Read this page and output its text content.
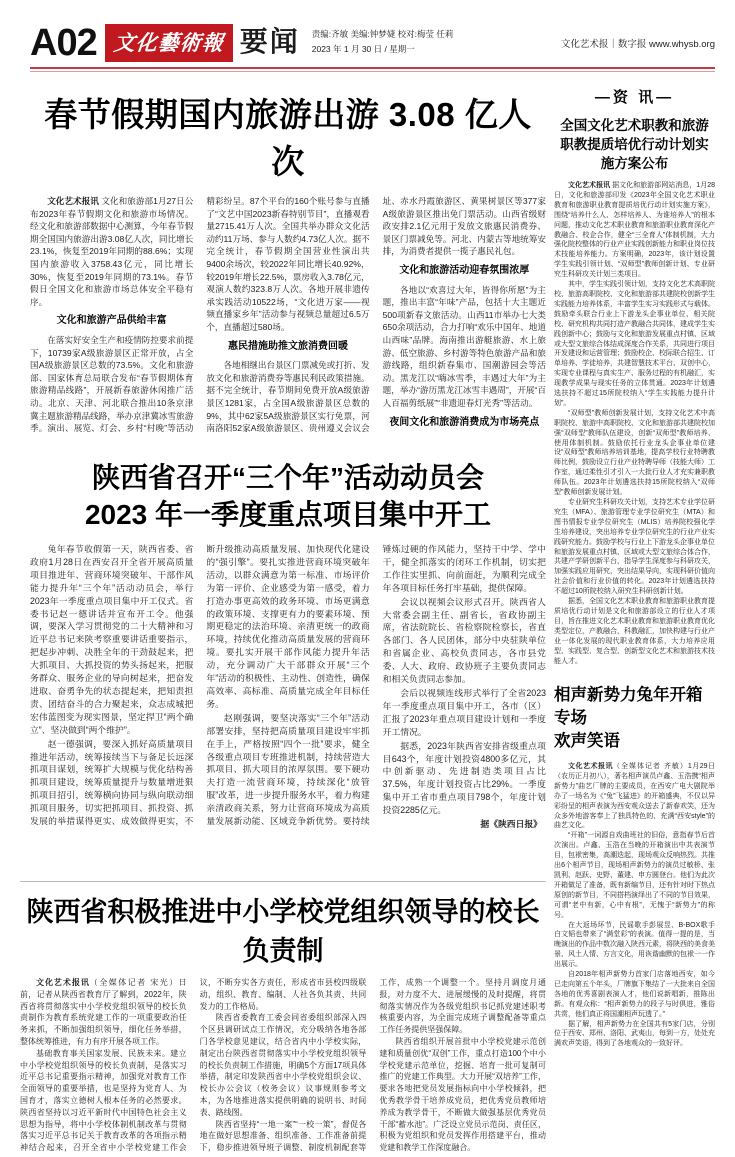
A02 文化藝術報 要闻 责编:齐敏 美编:钟梦婕 校对:梅莹 任莉
2023 年 1 月 30 日 / 星期一	文化艺术报｜数字报 www.whysb.org
春节假期国内旅游出游 3.08 亿人次

文化艺术报讯 文化和旅游部1月27日公布2023年春节假期文化和旅游市场情况。经文化和旅游部数据中心测算，今年春节假期全国国内旅游出游3.08亿人次，同比增长23.1%，恢复至2019年同期的88.6%；实现国内旅游收入3758.43亿元，同比增长30%，恢复至2019年同期的73.1%。春节假日全国文化和旅游市场总体安全平稳有序。

文化和旅游产品供给丰富

在落实好安全生产和疫情防控要求前提下，10739家A级旅游景区正常开放，占全国A级旅游景区总数的73.5%。文化和旅游部、国家体育总局联合发布“春节假期体育旅游精品线路”，开展新春旅游休闲推广活动。北京、天津、河北联合推出10条京津冀主题旅游精品线路，举办京津冀冰雪旅游季。演出、展览、灯会、乡村“村晚”等活动精彩纷呈。87个平台的160个账号参与直播了“文艺中国2023新春特别节目”，直播观看量2715.41万人次。全国共举办群众文化活动约11万场、参与人数约4.73亿人次。据不完全统计，春节假期全国营业性演出共9400余场次，较2022年同比增长40.92%，较2019年增长22.5%，票房收入3.78亿元，观演人数约323.8万人次。各地开展非遗传承实践活动10522场，“文化进万家——视频直播家乡年”活动参与视频总量超过6.5万个，直播超过580场。

惠民措施助推文旅消费回暖

各地相继出台景区门票减免或打折、发放文化和旅游消费券等惠民利民政策措施。据不完全统计，春节期间免费开放A级旅游景区1281家，占全国A级旅游景区总数的9%，其中62家5A级旅游景区实行免票，河南洛阳52家A级旅游景区、贵州遵义会议会址、赤水丹霞旅游区、黄果树景区等377家A级旅游景区推出免门票活动。山西省级财政安排2.1亿元用于发放文旅惠民消费券、景区门票减免等。河北、内蒙古等地统筹安排，为消费者提供一揽子惠民礼包。

文化和旅游活动迎春氛围浓厚

各地以“欢喜过大年，皆得你所愿”为主题，推出丰富“年味”产品，包括十大主题近500项新春文旅活动。山西11市举办七大类650余项活动，合力打响“欢乐中国年、地道山西味”品牌。海南推出游艇旅游、水上旅游、低空旅游、乡村游等特色旅游产品和旅游线路，组织新春集市、国潮游园会等活动。黑龙江以“嗨冰雪季，丰遇过大年”为主题，举办“游历黑龙江冰雪丰遇周”，开展“百人百福剪纸展”“非遗迎春灯光秀”等活动。

夜间文化和旅游消费成为市场亮点

陕西省召开“三个年”活动动员会
2023 年一季度重点项目集中开工

兔年春节收假第一天，陕西省委、省政府1月28日在西安召开全省开展高质量项目推进年、营商环境突破年、干部作风能力提升年“三个年”活动动员会，举行2023年一季度重点项目集中开工仪式。省委书记赵一德讲话并宣布开工令。他强调，要深入学习贯彻党的二十大精神和习近平总书记来陕考察重要讲话重要指示，把起步冲刺、决胜全年的干劲鼓起来，把大抓项目、大抓投资的势头扬起来，把服务群众、服务企业的导向树起来，把奋发进取、奋勇争先的状态提起来，把知责担责、团结奋斗的合力聚起来，众志成城把宏伟蓝图变为现实图景，坚定捍卫“两个确立”、坚决做到“两个维护”。

赵一德强调，要深入抓好高质量项目推进年活动，统筹接续当下与备足长远深抓项目谋划，统筹扩大规模与优化结构善抓项目建设，统筹质量提升与数量增进狠抓项目招引，统筹横向协同与纵向联动细抓项目服务，切实把抓项目、抓投资、抓发展的举措谋得更实、成效做得更实，不断升级推动高质量发展、加快现代化建设的“强引擎”。要扎实推进营商环境突破年活动，以群众满意为第一标准、市场评价为第一评价、企业感受为第一感受，着力打造办事更高效的政务环境、市场更满意的政策环境、支撑更有力的要素环境、预期更稳定的法治环境、亲清更统一的政商环境，持续优化推动高质量发展的营商环境。要扎实开展干部作风能力提升年活动，充分调动广大干部群众开展“三个年”活动的积极性、主动性、创造性，确保高效率、高标准、高质量完成全年目标任务。

赵刚强调，要坚决落实“三个年”活动部署安排，坚持把高质量项目建设牢牢抓在手上，严格按照“四个一批”要求，健全各级重点项目专班推进机制，持续营造大抓项目、抓大项目的浓厚氛围。要下硬功夫打造一流营商环境，持续深化“放管服”改革，进一步提升服务水平，着力构建亲清政商关系，努力让营商环境成为高质量发展新动能、区域竞争新优势。要持续锤炼过硬的作风能力，坚持干中学、学中干，健全抓落实的闭环工作机制，切实把工作往实里抓、向前面赶，为顺利完成全年各项目标任务打牢基础，提供保障。

会议以视频会议形式召开。陕西省人大常委会副主任、副省长，省政协副主席，省法院院长、省检察院检察长，省直各部门、各人民团体，部分中央驻陕单位和省属企业、高校负责同志，各市县党委、人大、政府、政协班子主要负责同志和相关负责同志参加。

会后以视频连线形式举行了全省2023年一季度重点项目集中开工，各市（区）汇报了2023年重点项目建设计划和一季度开工情况。

据悉，2023年陕西省安排省级重点项目643个，年度计划投资4800多亿元，其中创新驱动、先进制造类项目占比37.5%，年度计划投资占比29%。一季度集中开工省市重点项目798个，年度计划投资2285亿元。

据《陕西日报》

陕西省积极推进中小学校党组织领导的校长负责制

文化艺术报讯（全媒体记者 宋光）日前，记者从陕西省教育厅了解到，2022年，陕西省将贯彻落实中小学校党组织领导的校长负责制作为教育系统党建工作的一项重要政治任务来抓，不断加强组织领导，细化任务举措，整体统筹推进，有力有序开展各项工作。

基础教育事关国家发展、民族未来。建立中小学校党组织领导的校长负责制，是落实习近平总书记重要指示精神，加强党对教育工作全面领导的重要举措，也是坚持为党育人、为国育才，落实立德树人根本任务的必然要求。陕西省坚持以习近平新时代中国特色社会主义思想为指导，将中小学校体制机制改革与贯彻落实习近平总书记关于教育改革的各项指示精神结合起来，召开全省中小学校党建工作会议，不断夯实各方责任，形成省市县校四级联动，组织、教育、编制、人社各负其责、共同发力的工作格局。

陕西省委教育工委会同省委组织部深入四个区县调研试点工作情况，充分吸纳各地各部门各学校意见建议，结合省内中小学校实际，制定出台陕西省贯彻落实中小学校党组织领导的校长负责制工作措施，明确5个方面17项具体举措，制定印发陕西省中小学校党组织会议、校长办公会议（校务会议）议事规则参考文本，为各地推进落实提供明确的说明书、时间表、路线图。

陕西省坚持“一地一案”“一校一策”，督促各地在做好思想准备、组织准备、工作准备前提下，稳步推进领导班子调整、制度机制配套等工作，成熟一个调整一个。坚持月调度月通报，对力度不大、进展缓慢的及时提醒，将贯彻落实情况作为各级党组织书记抓党建述职考核重要内容，为全面完成班子调整配备等重点工作任务提供坚强保障。

陕西省组织开展首批中小学校党建示范创建和质量创优“双创”工作，重点打造100个中小学校党建示范单位，挖掘、培育一批可复制可推广的党建工作典型。大力开展“双培养”工作，要求各地把党员发展指标向中小学校倾斜，把优秀教学骨干培养成党员，把优秀党员教师培养成为教学骨干，不断做大做强基层优秀党员干部“蓄水池”。广泛设立党员示范岗、责任区，积极为党组织和党员发挥作用搭建平台，推动党建和教学工作深度融合。

—资 讯—
全国文化艺术职教和旅游职教提质培优行动计划实施方案公布

文化艺术报讯 据文化和旅游部网站消息，1月28日，文化和旅游部印发《2023年全国文化艺术职业教育和旅游职业教育提质培优行动计划实施方案》，围绕“培养什么人、怎样培养人、为谁培养人”的根本问题，推动文化艺术职业教育和旅游职业教育深化产教融合、校企合作，健全“三全育人”体制机制，大力强化院校整体的行业产业实践创新能力和职业岗位技术技能培养能力。方案明确，2023年，该计划设置学生实践引领计划、“双师型”教师创新计划、专业研究生科研攻关计划三类项目。

其中，学生实践引领计划，支持文化艺术高职院校、旅游高职院校、文化和旅游部共建院校创新学生实践能力培养体系，丰富学生实习实践形式与载体。鼓励牵头联合行业上下游龙头企事业单位、相关院校、研究机构共同打造产教融合共同体，建成学生实践创新中心；鼓励与文化和旅游发展重点村镇、区域或大型文旅综合体结成深度合作关系，共同进行项目开发建设和运营管理；鼓励校企、校际联合招生、订单培养、学徒培养，共建智慧技术平台、双创中心，实现专业课程与真实生产、服务过程的有机融汇，实现教学成果与现实任务的立体贯通。2023年计划遴选扶持不超过15所院校纳入“学生实践能力提升计划”。

“双师型”教师创新发展计划，支持文化艺术中高职院校、旅游中高职院校、文化和旅游部共建院校加强“双师型”教师队伍建设，创新“双师型”教师培养、使用体制机制。鼓励依托行业龙头企事业单位建设“双师型”教师培养培训基地，提高学校行业特聘教师比例，鼓励设立行业产业特聘导师（技能大师）工作室，通过柔性引才引入一大批行业人才充实兼职教师队伍。2023年计划遴选扶持15所院校纳入“双师型”教师创新发展计划。

专业研究生科研攻关计划，支持艺术专业学位研究生（MFA）、旅游管理专业学位研究生（MTA）和图书情报专业学位研究生（MLIS）培养院校强化学生培养建设，突出培养专业学位研究生的行业产业实践研究能力。鼓励学校与行业上下游龙头企事业单位和旅游发展重点村镇、区域或大型文旅综合体合作，共建产学研创新平台，指导学生深度参与科研攻关，加强实践应用研究，突出结果导向，实现科研价值向社会价值和行业价值的转化。2023年计划遴选扶持不超过10所院校纳入研究生科研创新计划。

据悉，全国文化艺术职业教育和旅游职业教育提质培优行动计划是文化和旅游部设立的行业人才项目，旨在推进文化艺术职业教育和旅游职业教育优化类型定位，产教融合，科教融汇，加快构建与行业产业一体化发展的现代职业教育体系，大力培养应用型、实践型、复合型、创新型文化艺术和旅游技术技能人才。

相声新势力兔年开箱专场
欢声笑语

文化艺术报讯（全媒体记者 齐敏）1月29日（农历正月初八），著名相声演员卢鑫、玉浩携“相声新势力”曲艺厂牌的主要成员，在西安广电大剧院举办了一场名为《“兔”飞猛进》的开箱盛典，不仅以异彩纷呈的相声表演为西安观众送去了新春欢笑，还为众多外地游客奉上了独具特色的、充满“西安style”的曲艺文化。

“开箱”一词源自戏曲班社的旧俗，意指春节后首次演出。卢鑫、玉浩在当晚的开箱演出中共表演节目，包袱密集，高潮迭起，现场观众反响热烈。共推出6个相声节目，现场相声新势力的演员过敏桥、张凯利、赵跃、史野、董建、申方圆登台。他们为此次开箱做足了准备，既有新编节目，还有针对时下热点原创的新节目，不同搭档演绎出了不同的节目效果，可谓“老中有新，心中有根”，无愧于“新势力”的称号。

在大返场环节，民谣歌手彭展昱、B-BOX歌手白文韬也带来了“满堂彩”的表演。值得一提的是，当晚演出的作品中数次融入陕西元素，将陕西的美食美景、风土人情、方言文化，用诙谐幽默的包袱一一作出展示。

自2018年相声新势力首家门店落地西安，如今已走向第五个年头，厂牌旗下集结了一大批来自全国各地的优秀喜剧表演人才，他们说新唱新，推陈出新。有观众称：“相声新势力的段子与时俱进，雅俗共赏，他们真正将国潮相声玩透了。”

据了解，相声新势力在全国共有5家门店，分别位于西安、郑州、洛阳、武夷山，每到一方，处处充满欢声笑语，得到了各地观众的一致好评。
